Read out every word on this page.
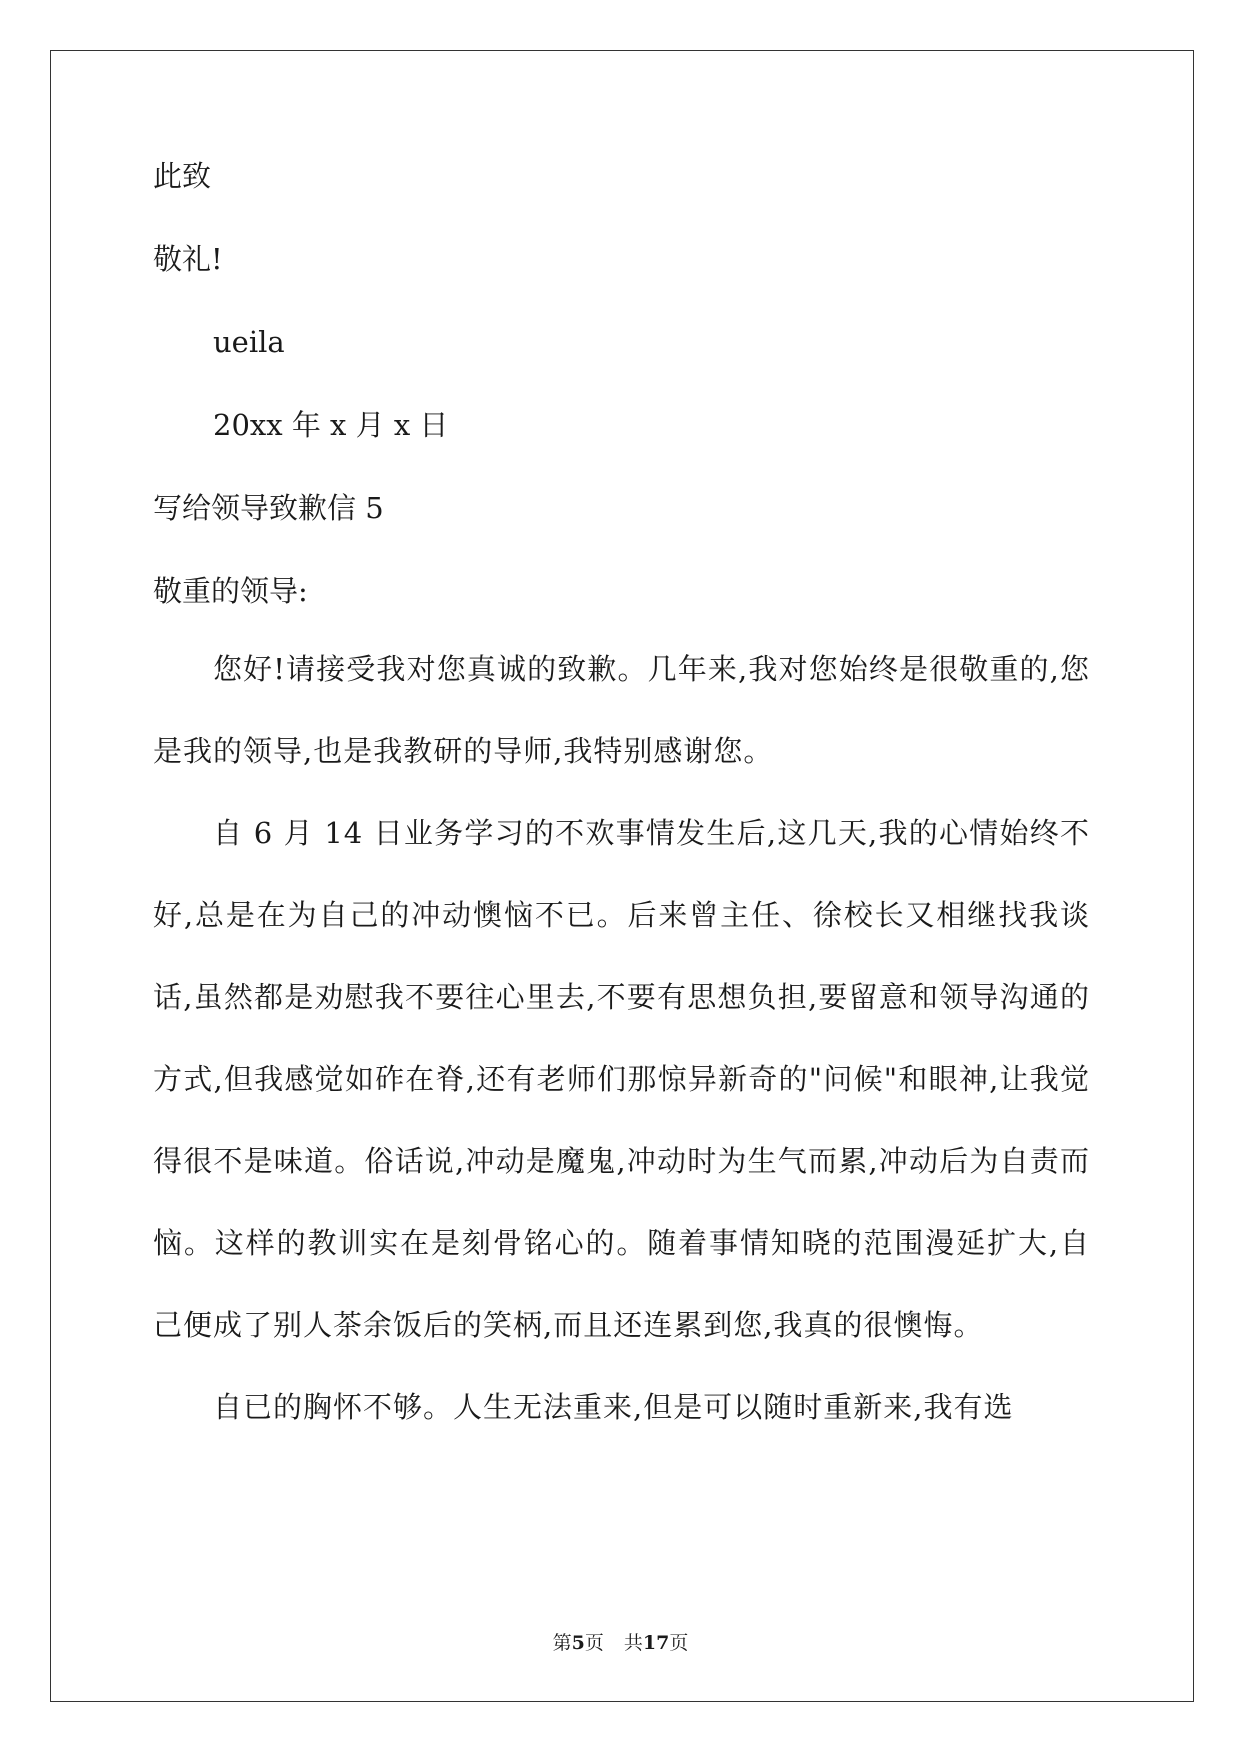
此致

敬礼!

ueila

20xx 年 x 月 x 日

写给领导致歉信 5

敬重的领导:

您好!请接受我对您真诚的致歉。几年来,我对您始终是很敬重的,您是我的领导,也是我教研的导师,我特别感谢您。

自 6 月 14 日业务学习的不欢事情发生后,这几天,我的心情始终不好,总是在为自己的冲动懊恼不已。后来曾主任、徐校长又相继找我谈话,虽然都是劝慰我不要往心里去,不要有思想负担,要留意和领导沟通的方式,但我感觉如砟在脊,还有老师们那惊异新奇的"问候"和眼神,让我觉得很不是味道。俗话说,冲动是魔鬼,冲动时为生气而累,冲动后为自责而恼。这样的教训实在是刻骨铭心的。随着事情知晓的范围漫延扩大,自己便成了别人茶余饭后的笑柄,而且还连累到您,我真的很懊悔。

自已的胸怀不够。人生无法重来,但是可以随时重新来,我有选

第5页 共17页
